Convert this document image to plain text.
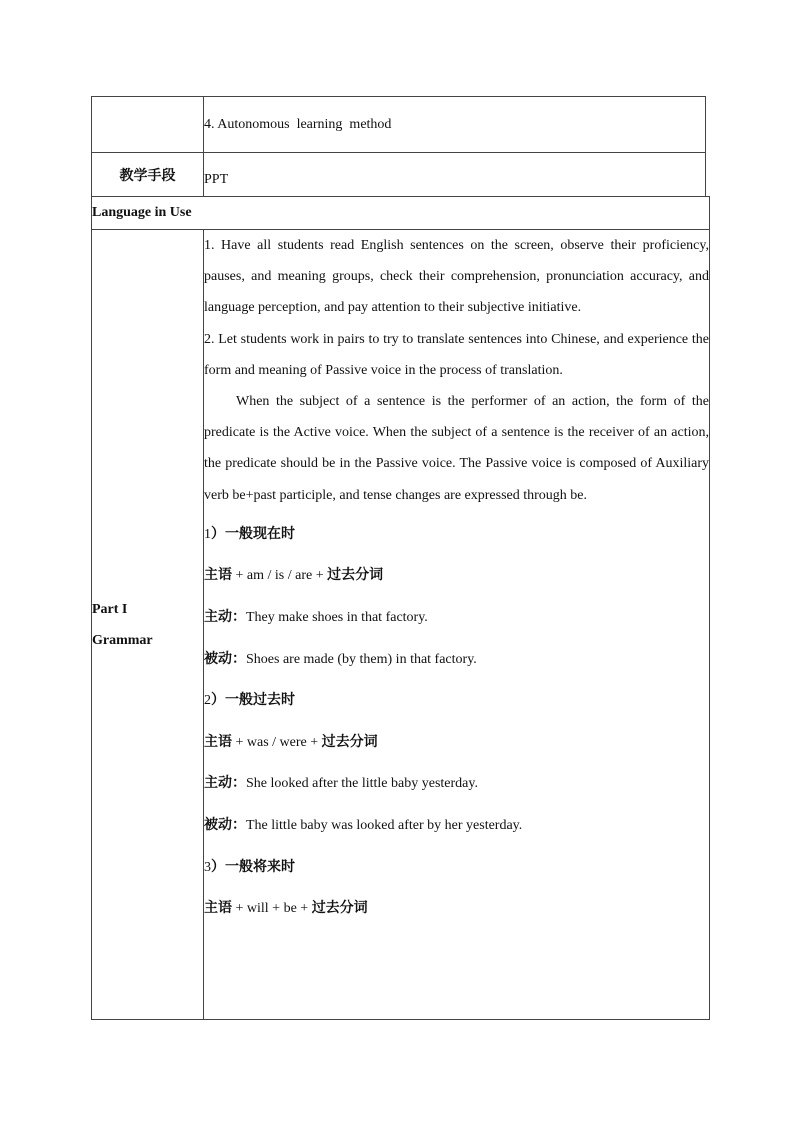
	4. Autonomous  learning  method
教学手段	PPT
Language in Use

Part I
Grammar

1. Have all students read English sentences on the screen, observe their proficiency, pauses, and meaning groups, check their comprehension, pronunciation accuracy, and language perception, and pay attention to their subjective initiative.

2. Let students work in pairs to try to translate sentences into Chinese, and experience the form and meaning of Passive voice in the process of translation.

When the subject of a sentence is the performer of an action, the form of the predicate is the Active voice. When the subject of a sentence is the receiver of an action, the predicate should be in the Passive voice. The Passive voice is composed of Auxiliary verb be+past participle, and tense changes are expressed through be.

1）一般现在时

主语 + am / is / are + 过去分词

主动：They make shoes in that factory.

被动：Shoes are made (by them) in that factory.

2）一般过去时

主语 + was / were + 过去分词

主动：She looked after the little baby yesterday.

被动：The little baby was looked after by her yesterday.

3）一般将来时

主语 + will + be + 过去分词
